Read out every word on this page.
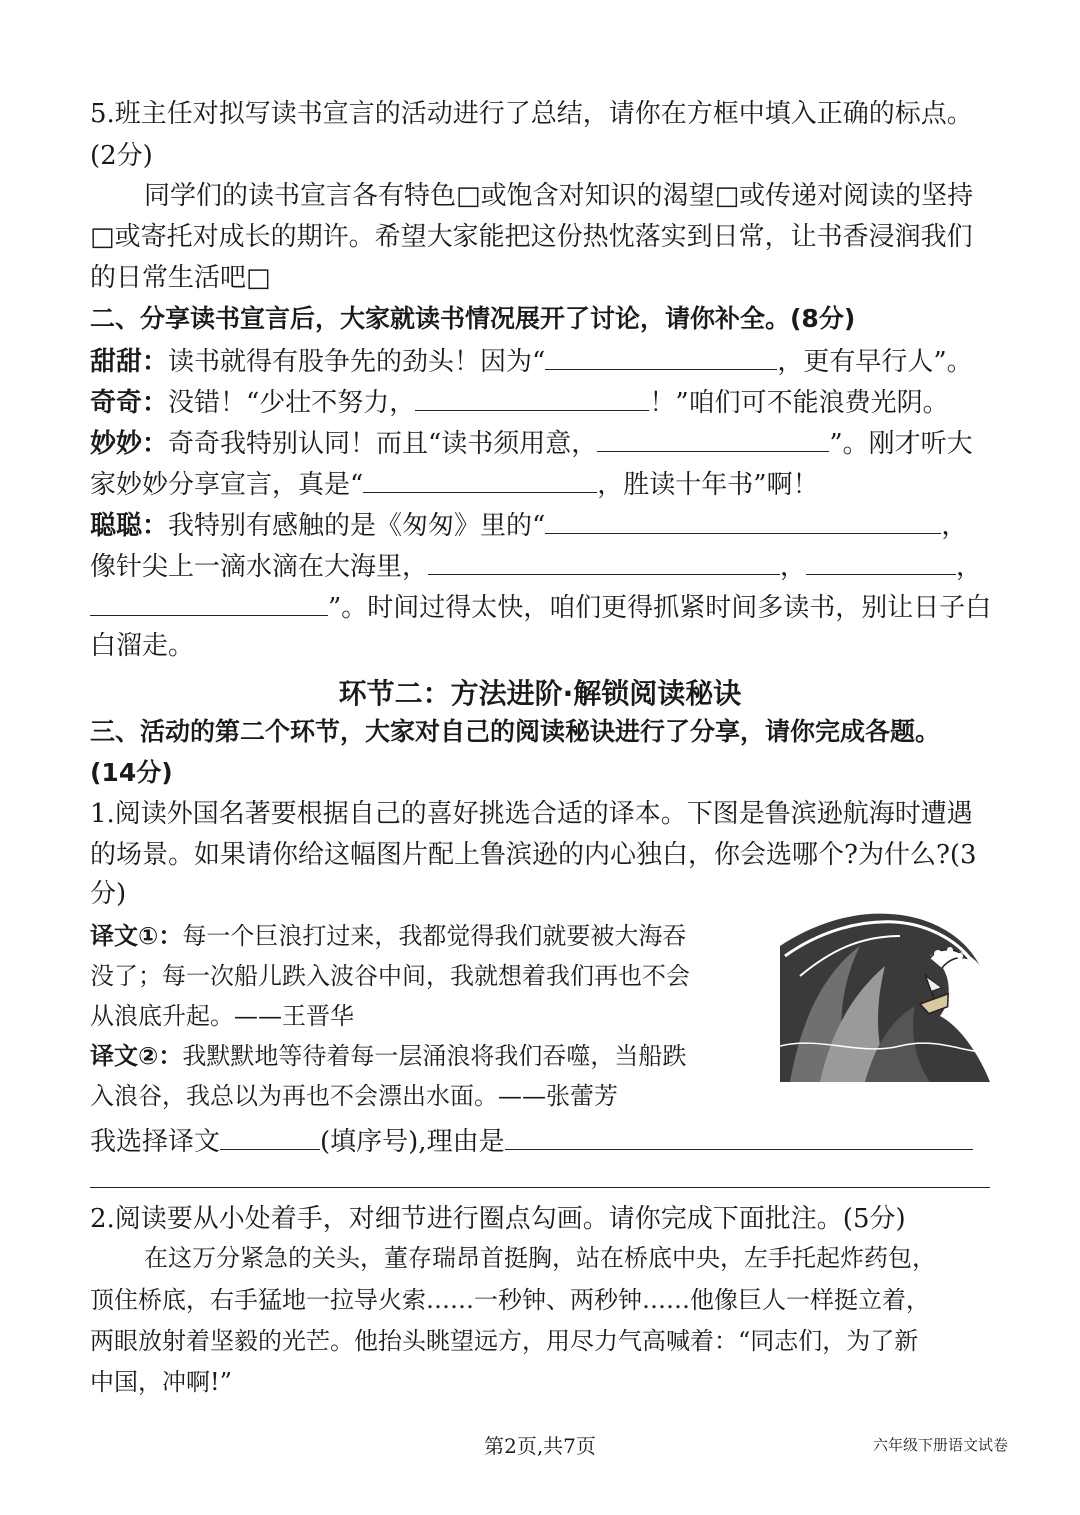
5.班主任对拟写读书宣言的活动进行了总结，请你在方框中填入正确的标点。
(2分)
同学们的读书宣言各有特色□或饱含对知识的渴望□或传递对阅读的坚持
□或寄托对成长的期许。希望大家能把这份热忱落实到日常，让书香浸润我们
的日常生活吧□
二、分享读书宣言后，大家就读书情况展开了讨论，请你补全。(8分)
甜甜：读书就得有股争先的劲头！因为“	，更有早行人”。
奇奇：没错！“少壮不努力，	！”咱们可不能浪费光阴。
妙妙：奇奇我特别认同！而且“读书须用意，	”。刚才听大
家妙妙分享宣言，真是“	，胜读十年书”啊！
聪聪：我特别有感触的是《匆匆》里的“	，
像针尖上一滴水滴在大海里，	，	，
”。时间过得太快，咱们更得抓紧时间多读书，别让日子白
白溜走。
环节二：方法进阶·解锁阅读秘诀
三、活动的第二个环节，大家对自己的阅读秘诀进行了分享，请你完成各题。
(14分)
1.阅读外国名著要根据自己的喜好挑选合适的译本。下图是鲁滨逊航海时遭遇
的场景。如果请你给这幅图片配上鲁滨逊的内心独白，你会选哪个?为什么?(3
分)
译文①：每一个巨浪打过来，我都觉得我们就要被大海吞
没了；每一次船儿跌入波谷中间，我就想着我们再也不会
从浪底升起。——王晋华
译文②：我默默地等待着每一层涌浪将我们吞噬，当船跌
入浪谷，我总以为再也不会漂出水面。——张蕾芳
我选择译文	(填序号),理由是
2.阅读要从小处着手，对细节进行圈点勾画。请你完成下面批注。(5分)
在这万分紧急的关头，董存瑞昂首挺胸，站在桥底中央，左手托起炸药包，
顶住桥底，右手猛地一拉导火索……一秒钟、两秒钟……他像巨人一样挺立着，
两眼放射着坚毅的光芒。他抬头眺望远方，用尽力气高喊着：“同志们，为了新
中国，冲啊!”
第2页,共7页	六年级下册语文试卷
